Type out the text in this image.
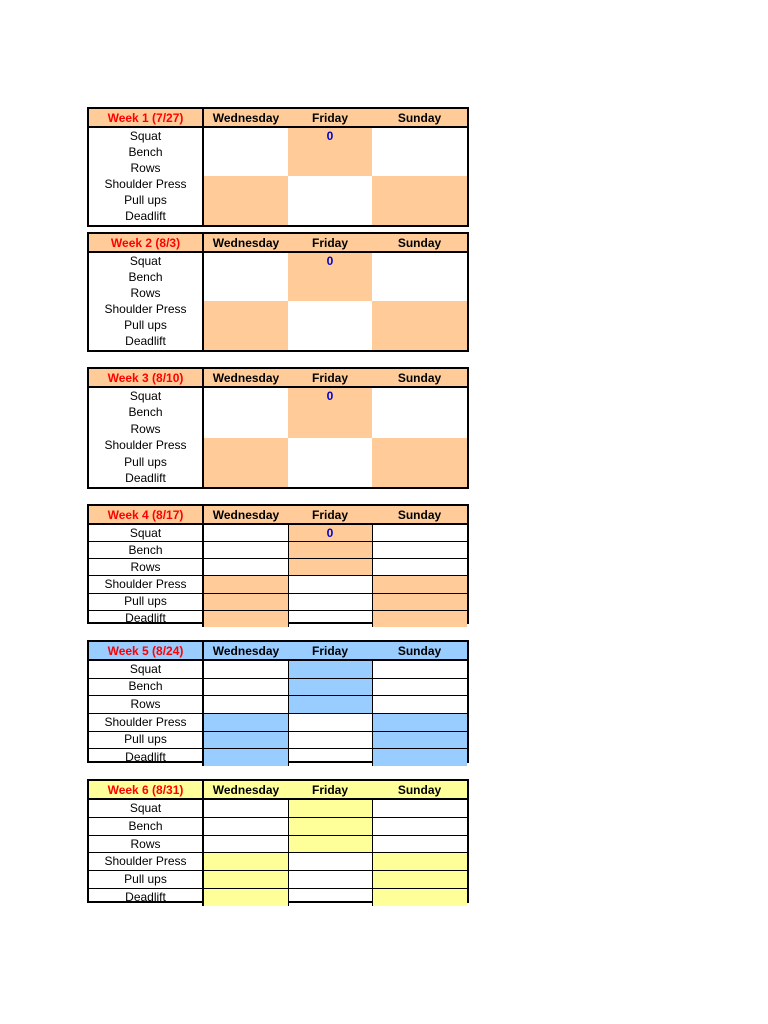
Week 1 (7/27)	Wednesday	Friday	Sunday
Squat		0	
Bench			
Rows			
Shoulder Press			
Pull ups			
Deadlift			
Week 2 (8/3)	Wednesday	Friday	Sunday
Squat		0	
Bench			
Rows			
Shoulder Press			
Pull ups			
Deadlift			
Week 3 (8/10)	Wednesday	Friday	Sunday
Squat		0	
Bench			
Rows			
Shoulder Press			
Pull ups			
Deadlift			
Week 4 (8/17)	Wednesday	Friday	Sunday
Squat		0	
Bench			
Rows			
Shoulder Press			
Pull ups			
Deadlift			
Week 5 (8/24)	Wednesday	Friday	Sunday
Squat			
Bench			
Rows			
Shoulder Press			
Pull ups			
Deadlift			
Week 6 (8/31)	Wednesday	Friday	Sunday
Squat			
Bench			
Rows			
Shoulder Press			
Pull ups			
Deadlift			
